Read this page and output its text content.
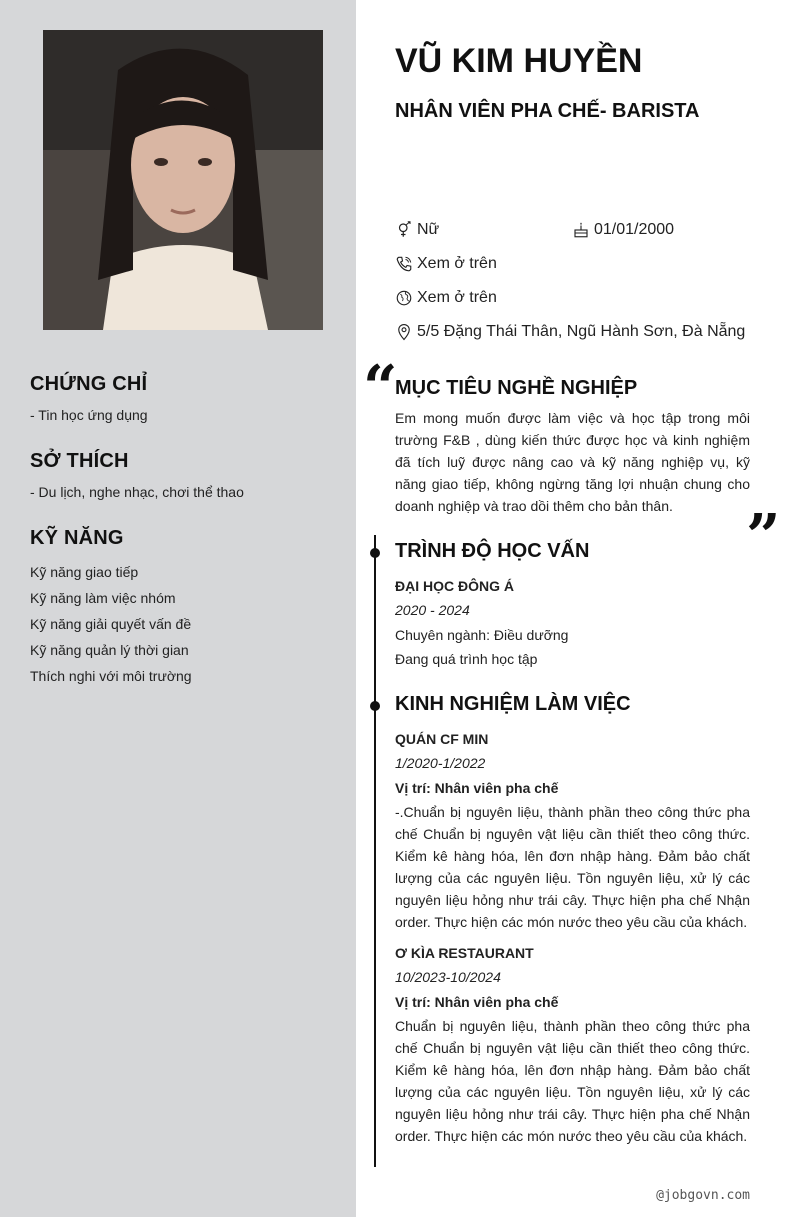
CHỨNG CHỈ
- Tin học ứng dụng
SỞ THÍCH
- Du lịch, nghe nhạc, chơi thể thao
KỸ NĂNG
Kỹ năng giao tiếp
Kỹ năng làm việc nhóm
Kỹ năng giải quyết vấn đề
Kỹ năng quản lý thời gian
Thích nghi với môi trường
VŨ KIM HUYỀN
NHÂN VIÊN PHA CHẾ- BARISTA
Nữ	01/01/2000
Xem ở trên
Xem ở trên
5/5 Đặng Thái Thân, Ngũ Hành Sơn, Đà Nẵng
“
MỤC TIÊU NGHỀ NGHIỆP
Em mong muốn được làm việc và học tập trong môi trường F&B , dùng kiến thức được học và kinh nghiệm đã tích luỹ được nâng cao và kỹ năng nghiệp vụ, kỹ năng giao tiếp, không ngừng tăng lợi nhuận chung cho doanh nghiệp và trao dồi thêm cho bản thân.	”
TRÌNH ĐỘ HỌC VẤN
ĐẠI HỌC ĐÔNG Á
2020 - 2024
Chuyên ngành: Điều dưỡng
Đang quá trình học tập
KINH NGHIỆM LÀM VIỆC
QUÁN CF MIN
1/2020-1/2022
Vị trí: Nhân viên pha chế
-.Chuẩn bị nguyên liệu, thành phần theo công thức pha chế Chuẩn bị nguyên vật liệu cần thiết theo công thức. Kiểm kê hàng hóa, lên đơn nhập hàng. Đảm bảo chất lượng của các nguyên liệu. Tồn nguyên liệu, xử lý các nguyên liệu hỏng như trái cây. Thực hiện pha chế Nhận order. Thực hiện các món nước theo yêu cầu của khách.
Ơ KÌA RESTAURANT
10/2023-10/2024
Vị trí: Nhân viên pha chế
Chuẩn bị nguyên liệu, thành phần theo công thức pha chế Chuẩn bị nguyên vật liệu cần thiết theo công thức. Kiểm kê hàng hóa, lên đơn nhập hàng. Đảm bảo chất lượng của các nguyên liệu. Tồn nguyên liệu, xử lý các nguyên liệu hỏng như trái cây. Thực hiện pha chế Nhận order. Thực hiện các món nước theo yêu cầu của khách.
@jobgovn.com
